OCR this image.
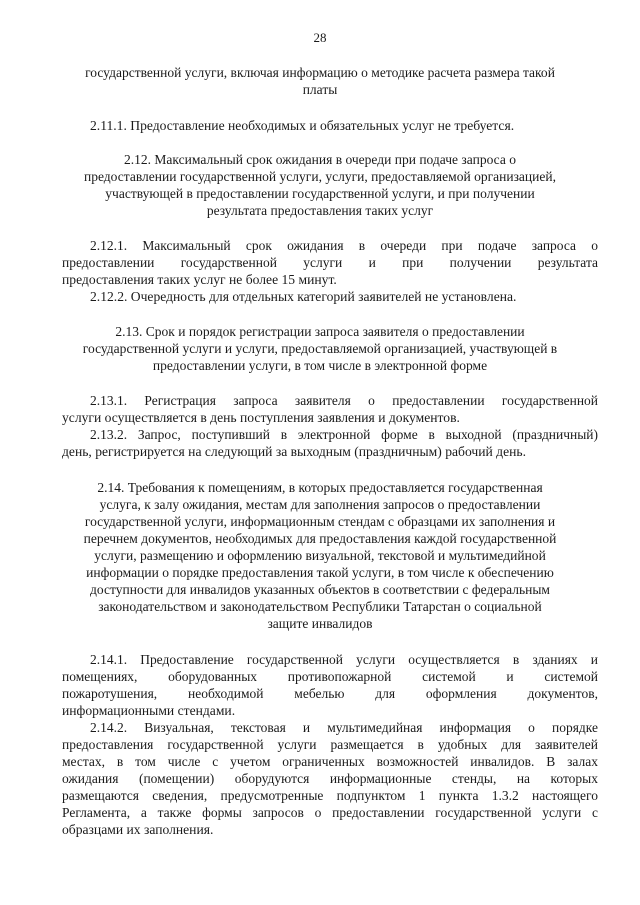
28
государственной услуги, включая информацию о методике расчета размера такой
платы
2.11.1. Предоставление необходимых и обязательных услуг не требуется.
2.12. Максимальный срок ожидания в очереди при подаче запроса о
предоставлении государственной услуги, услуги, предоставляемой организацией,
участвующей в предоставлении государственной услуги, и при получении
результата предоставления таких услуг
2.12.1. Максимальный срок ожидания в очереди при подаче запроса о
предоставлении государственной услуги и при получении результата
предоставления таких услуг не более 15 минут.
2.12.2. Очередность для отдельных категорий заявителей не установлена.
2.13. Срок и порядок регистрации запроса заявителя о предоставлении
государственной услуги и услуги, предоставляемой организацией, участвующей в
предоставлении услуги, в том числе в электронной форме
2.13.1. Регистрация запроса заявителя о предоставлении государственной
услуги осуществляется в день поступления заявления и документов.
2.13.2. Запрос, поступивший в электронной форме в выходной (праздничный)
день, регистрируется на следующий за выходным (праздничным) рабочий день.
2.14. Требования к помещениям, в которых предоставляется государственная
услуга, к залу ожидания, местам для заполнения запросов о предоставлении
государственной услуги, информационным стендам с образцами их заполнения и
перечнем документов, необходимых для предоставления каждой государственной
услуги, размещению и оформлению визуальной, текстовой и мультимедийной
информации о порядке предоставления такой услуги, в том числе к обеспечению
доступности для инвалидов указанных объектов в соответствии с федеральным
законодательством и законодательством Республики Татарстан о социальной
защите инвалидов
2.14.1. Предоставление государственной услуги осуществляется в зданиях и
помещениях, оборудованных противопожарной системой и системой
пожаротушения, необходимой мебелью для оформления документов,
информационными стендами.
2.14.2. Визуальная, текстовая и мультимедийная информация о порядке
предоставления государственной услуги размещается в удобных для заявителей
местах, в том числе с учетом ограниченных возможностей инвалидов. В залах
ожидания (помещении) оборудуются информационные стенды, на которых
размещаются сведения, предусмотренные подпунктом 1 пункта 1.3.2 настоящего
Регламента, а также формы запросов о предоставлении государственной услуги с
образцами их заполнения.
